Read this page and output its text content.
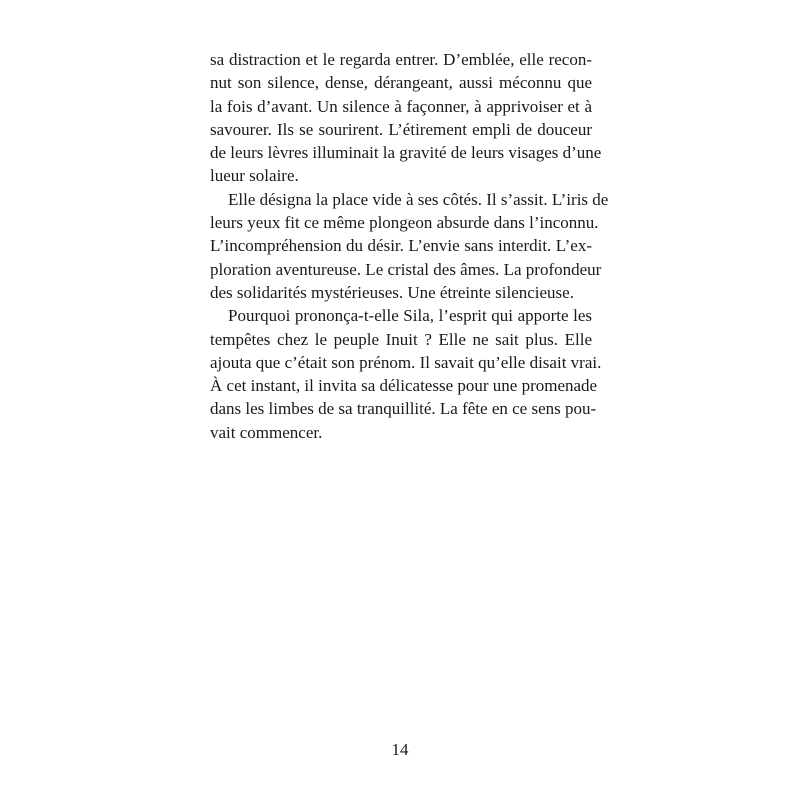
sa distraction et le regarda entrer. D’emblée, elle recon-
nut son silence, dense, dérangeant, aussi méconnu que
la fois d’avant. Un silence à façonner, à apprivoiser et à
savourer. Ils se sourirent. L’étirement empli de douceur
de leurs lèvres illuminait la gravité de leurs visages d’une
lueur solaire.
Elle désigna la place vide à ses côtés. Il s’assit. L’iris de
leurs yeux fit ce même plongeon absurde dans l’inconnu.
L’incompréhension du désir. L’envie sans interdit. L’ex-
ploration aventureuse. Le cristal des âmes. La profondeur
des solidarités mystérieuses. Une étreinte silencieuse.
Pourquoi prononça-t-elle Sila, l’esprit qui apporte les
tempêtes chez le peuple Inuit ? Elle ne sait plus. Elle
ajouta que c’était son prénom. Il savait qu’elle disait vrai.
À cet instant, il invita sa délicatesse pour une promenade
dans les limbes de sa tranquillité. La fête en ce sens pou-
vait commencer.
14
